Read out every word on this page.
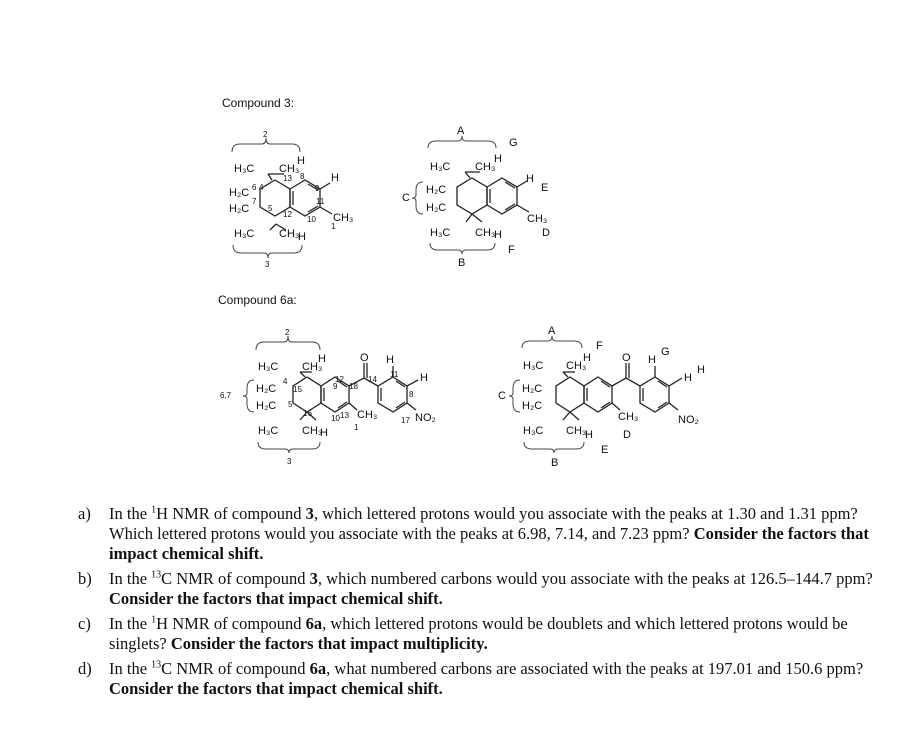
Compound 3:
Compound 6a:
2
H₃C CH₃
H
H₂C
H₂C
6 4
7
5
13
12
8
9
11
10
1
H
CH₃
H₃C CH₃
H
3
A
G
H₃C CH₃
H
H₂C
H₂C
C
H
E
CH₃
D
H₃C CH₃
H
F
B
2
H₃C CH₃
H
6,7
H₂C
H₂C
4
5
15
16
9
12
18
14
11
8
10 13
1
17
O H
H
NO₂
CH₃
H₃C CH₃
H
3
A
F
H₃C CH₃
H
C
H₂C
H₂C
O H
G
H
H
NO₂
CH₃
D
H₃C CH₃
H
E
B
a) In the $^1$H NMR of compound 3, which lettered protons would you associate with the peaks at 1.30 and 1.31 ppm? Which lettered protons would you associate with the peaks at 6.98, 7.14, and 7.23 ppm? Consider the factors that impact chemical shift.
b) In the $^{13}$C NMR of compound 3, which numbered carbons would you associate with the peaks at 126.5–144.7 ppm? Consider the factors that impact chemical shift.
c) In the $^1$H NMR of compound 6a, which lettered protons would be doublets and which lettered protons would be singlets? Consider the factors that impact multiplicity.
d) In the $^{13}$C NMR of compound 6a, what numbered carbons are associated with the peaks at 197.01 and 150.6 ppm? Consider the factors that impact chemical shift.
